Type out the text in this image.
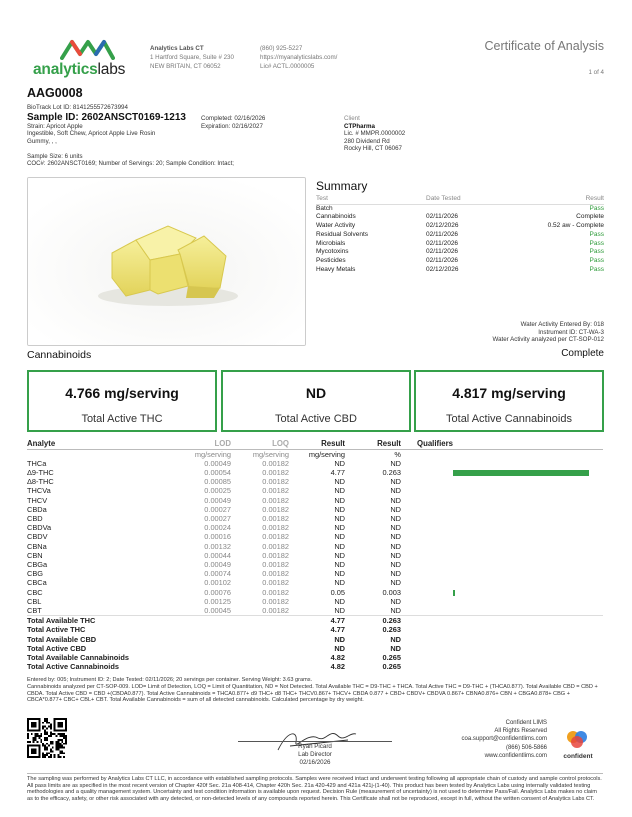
analyticslabs
Analytics Labs CT
1 Hartford Square, Suite # 230
NEW BRITAIN, CT 06052
(860) 925-5227
https://myanalyticslabs.com/
Lic# ACTL.0000005
Certificate of Analysis
1 of 4
AAG0008
BioTrack Lot ID: 8141255572673994
Sample ID: 2602ANSCT0169-1213
Strain: Apricot Apple
Ingestible, Soft Chew, Apricot Apple Live Rosin
Gummy, , ,
Completed: 02/16/2026
Expiration: 02/16/2027
Client
CTPharma
Lic. # MMPR.0000002
280 Dividend Rd
Rocky Hill, CT 06067
Sample Size: 6 units
COC#: 2602ANSCT0169; Number of Servings: 20; Sample Condition: Intact;
Summary
Test	Date Tested	Result
Batch		Pass
Cannabinoids	02/11/2026	Complete
Water Activity	02/12/2026	0.52 aw - Complete
Residual Solvents	02/11/2026	Pass
Microbials	02/11/2026	Pass
Mycotoxins	02/11/2026	Pass
Pesticides	02/11/2026	Pass
Heavy Metals	02/12/2026	Pass
Water Activity Entered By: 018
Instrument ID: CT-WA-3
Water Activity analyzed per CT-SOP-012
Cannabinoids	Complete
4.766 mg/serving
Total Active THC
ND
Total Active CBD
4.817 mg/serving
Total Active Cannabinoids
Analyte	LOD	LOQ	Result	Result	Qualifiers
	mg/serving	mg/serving	mg/serving	%	
THCa	0.00049	0.00182	ND	ND	
Δ9-THC	0.00054	0.00182	4.77	0.263	
Δ8-THC	0.00085	0.00182	ND	ND	
THCVa	0.00025	0.00182	ND	ND	
THCV	0.00049	0.00182	ND	ND	
CBDa	0.00027	0.00182	ND	ND	
CBD	0.00027	0.00182	ND	ND	
CBDVa	0.00024	0.00182	ND	ND	
CBDV	0.00016	0.00182	ND	ND	
CBNa	0.00132	0.00182	ND	ND	
CBN	0.00044	0.00182	ND	ND	
CBGa	0.00049	0.00182	ND	ND	
CBG	0.00074	0.00182	ND	ND	
CBCa	0.00102	0.00182	ND	ND	
CBC	0.00076	0.00182	0.05	0.003	
CBL	0.00125	0.00182	ND	ND	
CBT	0.00045	0.00182	ND	ND	
Total Available THC			4.77	0.263	
Total Active THC			4.77	0.263	
Total Available CBD			ND	ND	
Total Active CBD			ND	ND	
Total Available Cannabinoids			4.82	0.265	
Total Active Cannabinoids			4.82	0.265	
Entered by: 005; Instrument ID: 2; Date Tested: 02/11/2026; 20 servings per container. Serving Weight: 3.63 grams.
Cannabinoids analyzed per CT-SOP-009. LOD= Limit of Detection, LOQ = Limit of Quantitation, ND = Not Detected. Total Available THC = D9-THC + THCA. Total Active THC = D9-THC + (THCA0.877). Total Available CBD = CBD + CBDA. Total Active CBD = CBD +(CBDA0.877). Total Active Cannabinoids = THCA0.877+ d9 THC+ d8 THC+ THCV0.867+ THCV+ CBDA 0.877 + CBD+ CBDV+ CBDVA 0.867+ CBNA0.876+ CBN + CBGA0.878+ CBG + CBCA*0.877+ CBC+ CBL+ CBT. Total Available Cannabinoids = sum of all detected cannabinoids. Calculated percentage by dry weight.
Ryan Picard
Lab Director
02/16/2026
Confident LIMS
All Rights Reserved
coa.support@confidentlims.com
(866) 506-5866
www.confidentlims.com	confident
The sampling was performed by Analytics Labs CT LLC, in accordance with established sampling protocols. Samples were received intact and underwent testing following all appropriate chain of custody and sample control protocols. All pass limits are as specified in the most recent version of Chapter 420f Sec. 21a 408-414, Chapter 420h Sec. 21a 420-429 and 421a 421j-(1-40). This product has been tested by Analytics Labs using internally validated testing methodologies and a quality management system. Uncertainty and test condition information is available upon request. Decision Rule (measurement of uncertainty) is not used to determine Pass/Fail. Analytics Labs makes no claim as to the efficacy, safety, or other risk associated with any detected, or non-detected levels of any compounds reported herein. This Certificate shall not be reproduced, except in full, without the written consent of Analytics Labs CT.
